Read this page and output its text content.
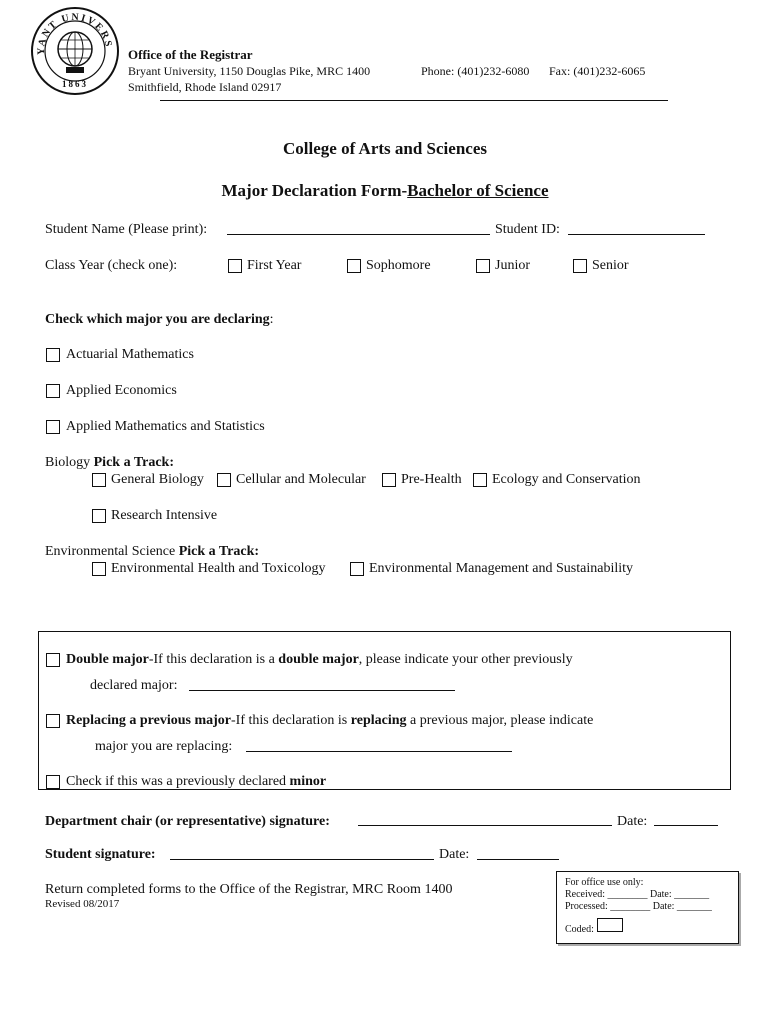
YANT UNIVERS
1863
Office of the Registrar
Bryant University, 1150 Douglas Pike, MRC 1400
Smithfield, Rhode Island 02917
Phone: (401)232-6080 Fax: (401)232-6065
College of Arts and Sciences
Major Declaration Form-Bachelor of Science
Student Name (Please print):	Student ID:
Class Year (check one):	First Year	Sophomore	Junior	Senior
Check which major you are declaring:
Actuarial Mathematics
Applied Economics
Applied Mathematics and Statistics
Biology Pick a Track:
General Biology Cellular and Molecular	Pre-Health Ecology and Conservation
Research Intensive
Environmental Science Pick a Track:
Environmental Health and Toxicology	Environmental Management and Sustainability
Double major-If this declaration is a double major, please indicate your other previously
declared major:
Replacing a previous major-If this declaration is replacing a previous major, please indicate
major you are replacing:
Check if this was a previously declared minor
Department chair (or representative) signature:	Date:
Student signature:	Date:
Return completed forms to the Office of the Registrar, MRC Room 1400
Revised 08/2017
For office use only:
Received: ________ Date: _______
Processed: ________ Date: _______
Coded:
